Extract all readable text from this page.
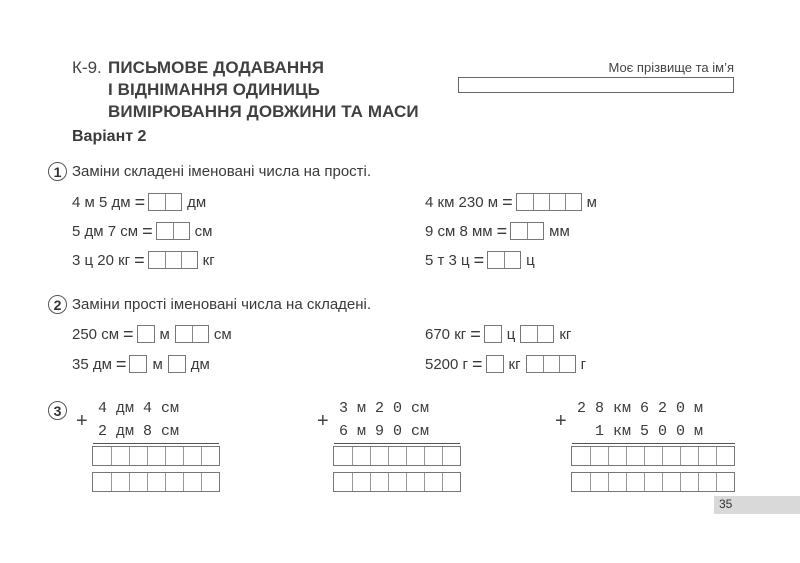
К-9. ПИСЬМОВЕ ДОДАВАННЯ
І ВІДНІМАННЯ ОДИНИЦЬ
ВИМІРЮВАННЯ ДОВЖИНИ ТА МАСИ
Варіант 2
Моє прізвище та ім’я
1 Заміни складені іменовані числа на прості.
4 м 5 дм =	дм
5 дм 7 см =	см
3 ц 20 кг =	кг
4 км 230 м =	м
9 см 8 мм =	мм
5 т 3 ц =	ц
2 Заміни прості іменовані числа на складені.
250 см = м	см
35 дм = м дм
670 кг = ц	кг
5200 г = кг	г
3 +
4 дм 4 см
2 дм 8 см	+
3 м 2 0 см
6 м 9 0 см	+
2 8 км 6 2 0 м
1 км 5 0 0 м
35
